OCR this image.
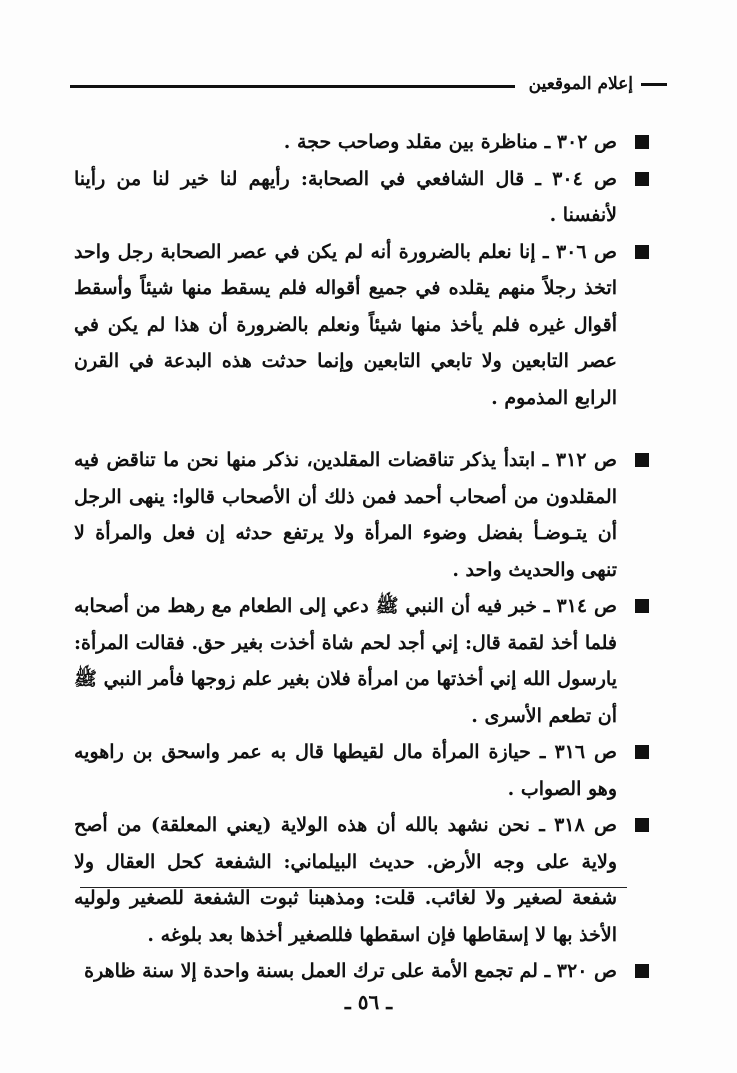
إعلام الموقعين
ص ٣٠٢ ـ مناظرة بين مقلد وصاحب حجة .
ص ٣٠٤ ـ قال الشافعي في الصحابة: رأيهم لنا خير لنا من رأينا لأنفسنا .
ص ٣٠٦ ـ إنا نعلم بالضرورة أنه لم يكن في عصر الصحابة رجل واحد اتخذ رجلاً منهم يقلده في جميع أقواله فلم يسقط منها شيئاً وأسقط أقوال غيره فلم يأخذ منها شيئاً ونعلم بالضرورة أن هذا لم يكن في عصر التابعين ولا تابعي التابعين وإنما حدثت هذه البدعة في القرن الرابع المذموم .
ص ٣١٢ ـ ابتدأ يذكر تناقضات المقلدين، نذكر منها نحن ما تناقض فيه المقلدون من أصحاب أحمد فمن ذلك أن الأصحاب قالوا: ينهى الرجل أن يتـوضـأ بفضل وضوء المرأة ولا يرتفع حدثه إن فعل والمرأة لا تنهى والحديث واحد .
ص ٣١٤ ـ خبر فيه أن النبي ﷺ دعي إلى الطعام مع رهط من أصحابه فلما أخذ لقمة قال: إني أجد لحم شاة أخذت بغير حق. فقالت المرأة: يارسول الله إني أخذتها من امرأة فلان بغير علم زوجها فأمر النبي ﷺ أن تطعم الأسرى .
ص ٣١٦ ـ حيازة المرأة مال لقيطها قال به عمر واسحق بن راهويه وهو الصواب .
ص ٣١٨ ـ نحن نشهد بالله أن هذه الولاية (يعني المعلقة) من أصح ولاية على وجه الأرض. حديث البيلماني: الشفعة كحل العقال ولا شفعة لصغير ولا لغائب. قلت: ومذهبنا ثبوت الشفعة للصغير ولوليه الأخذ بها لا إسقاطها فإن اسقطها فللصغير أخذها بعد بلوغه .
ص ٣٢٠ ـ لم تجمع الأمة على ترك العمل بسنة واحدة إلا سنة ظاهرة
ـ ٥٦ ـ
